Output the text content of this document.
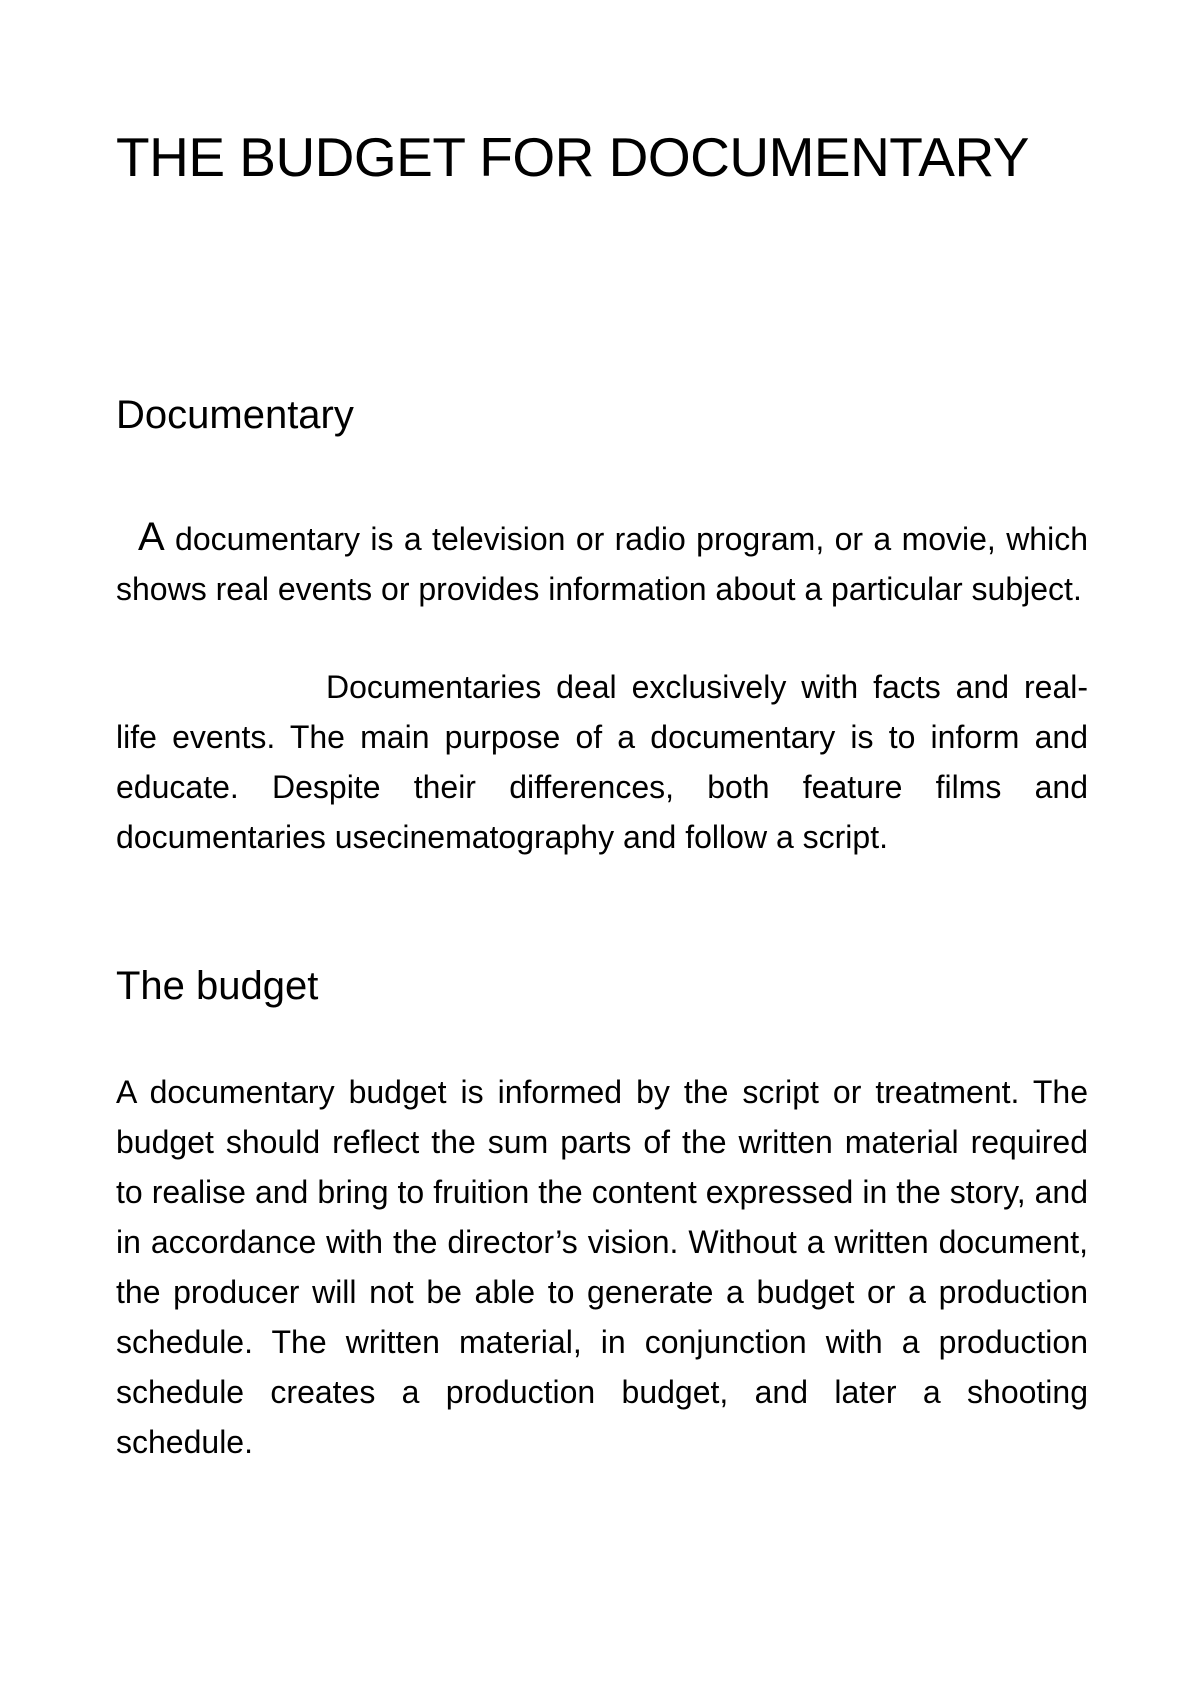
THE BUDGET FOR DOCUMENTARY
Documentary

A documentary is a television or radio program, or a movie, which shows real events or provides information about a particular subject.

Documentaries deal exclusively with facts and real-life events. The main purpose of a documentary is to inform and educate. Despite their differences, both feature films and documentaries usecinematography and follow a script.

The budget

A documentary budget is informed by the script or treatment. The budget should reflect the sum parts of the written material required to realise and bring to fruition the content expressed in the story, and in accordance with the director’s vision. Without a written document, the producer will not be able to generate a budget or a production schedule. The written material, in conjunction with a production schedule creates a production budget, and later a shooting schedule.
